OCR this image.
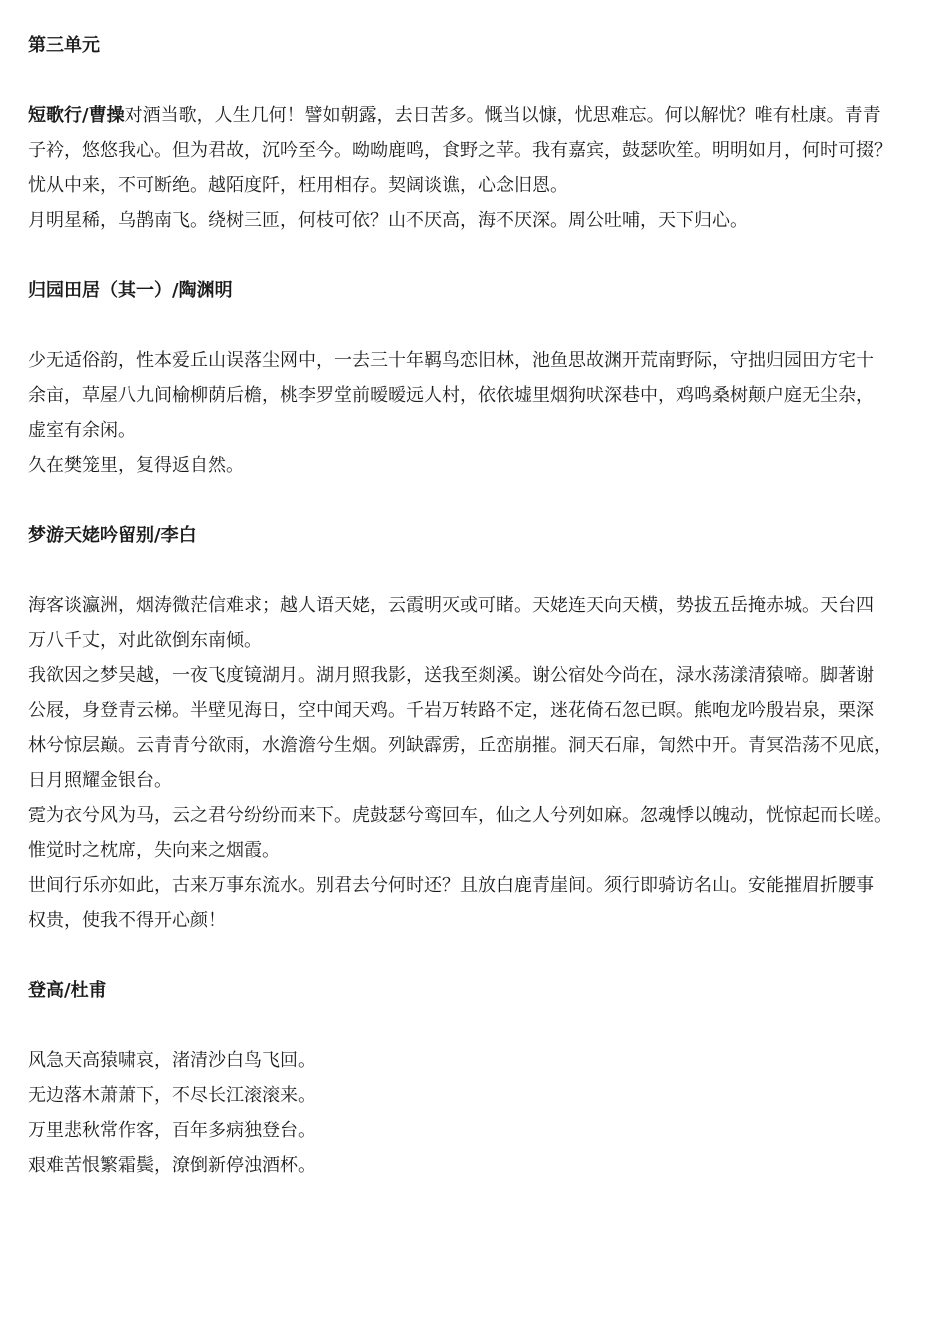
第三单元
短歌行/曹操对酒当歌，人生几何！譬如朝露，去日苦多。慨当以慷，忧思难忘。何以解忧？唯有杜康。青青
子衿，悠悠我心。但为君故，沉吟至今。呦呦鹿鸣，食野之苹。我有嘉宾，鼓瑟吹笙。明明如月，何时可掇？
忧从中来，不可断绝。越陌度阡，枉用相存。契阔谈谯，心念旧恩。
月明星稀，乌鹊南飞。绕树三匝，何枝可依？山不厌高，海不厌深。周公吐哺，天下归心。
归园田居（其一）/陶渊明
少无适俗韵，性本爱丘山误落尘网中，一去三十年羁鸟恋旧林，池鱼思故渊开荒南野际，守拙归园田方宅十
余亩，草屋八九间榆柳荫后檐，桃李罗堂前暧暧远人村，依依墟里烟狗吠深巷中，鸡鸣桑树颠户庭无尘杂，
虚室有余闲。
久在樊笼里，复得返自然。
梦游天姥吟留别/李白
海客谈瀛洲，烟涛微茫信难求；越人语天姥，云霞明灭或可睹。天姥连天向天横，势拔五岳掩赤城。天台四
万八千丈，对此欲倒东南倾。
我欲因之梦吴越，一夜飞度镜湖月。湖月照我影，送我至剡溪。谢公宿处今尚在，渌水荡漾清猿啼。脚著谢
公屐，身登青云梯。半壁见海日，空中闻天鸡。千岩万转路不定，迷花倚石忽已暝。熊咆龙吟殷岩泉，栗深
林兮惊层巅。云青青兮欲雨，水澹澹兮生烟。列缺霹雳，丘峦崩摧。洞天石扉，訇然中开。青冥浩荡不见底，
日月照耀金银台。
霓为衣兮风为马，云之君兮纷纷而来下。虎鼓瑟兮鸾回车，仙之人兮列如麻。忽魂悸以魄动，恍惊起而长嗟。
惟觉时之枕席，失向来之烟霞。
世间行乐亦如此，古来万事东流水。别君去兮何时还？且放白鹿青崖间。须行即骑访名山。安能摧眉折腰事
权贵，使我不得开心颜！
登高/杜甫
风急天高猿啸哀，渚清沙白鸟飞回。
无边落木萧萧下，不尽长江滚滚来。
万里悲秋常作客，百年多病独登台。
艰难苦恨繁霜鬓，潦倒新停浊酒杯。
